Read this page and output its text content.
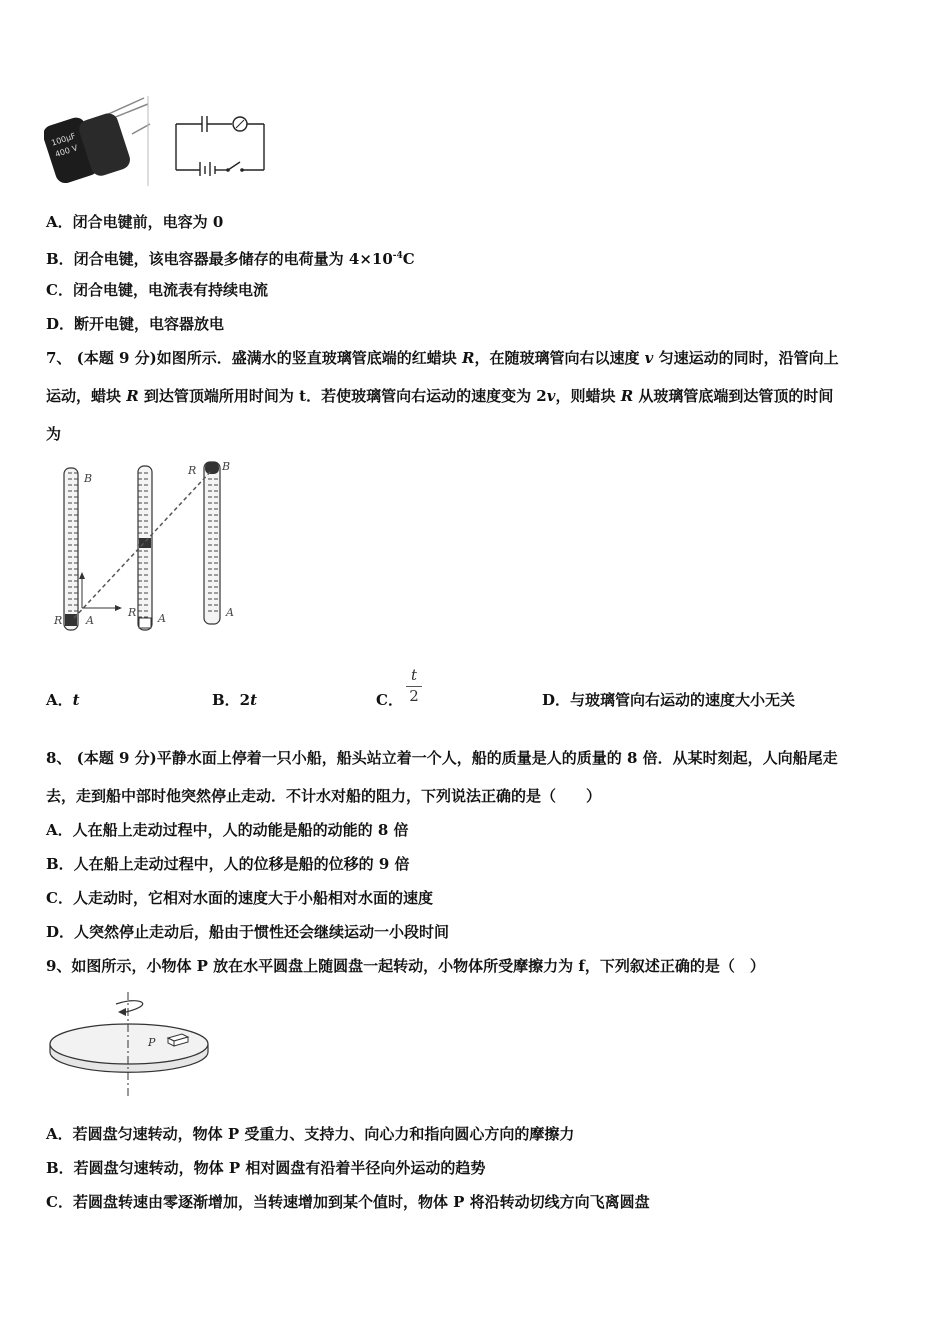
100μF
400 V
A．闭合电键前，电容为 0
B．闭合电键，该电容器最多储存的电荷量为 $4\times 10^{-4}C$
C．闭合电键，电流表有持续电流
D．断开电键，电容器放电
7、 (本题 9 分)如图所示．盛满水的竖直玻璃管底端的红蜡块 R，在随玻璃管向右以速度 v 匀速运动的同时，沿管向上
运动，蜡块 R 到达管顶端所用时间为 t．若使玻璃管向右运动的速度变为 2v，则蜡块 R 从玻璃管底端到达管顶的时间
为
B
R A
R A
R B
A
A．t	B．2t	C． $\frac{t}{2}$	D．与玻璃管向右运动的速度大小无关
8、 (本题 9 分)平静水面上停着一只小船，船头站立着一个人，船的质量是人的质量的 8 倍．从某时刻起，人向船尾走
去，走到船中部时他突然停止走动．不计水对船的阻力，下列说法正确的是（　　）
A．人在船上走动过程中，人的动能是船的动能的 8 倍
B．人在船上走动过程中，人的位移是船的位移的 9 倍
C．人走动时，它相对水面的速度大于小船相对水面的速度
D．人突然停止走动后，船由于惯性还会继续运动一小段时间
9、如图所示，小物体 P 放在水平圆盘上随圆盘一起转动，小物体所受摩擦力为 f，下列叙述正确的是（　）
P
A．若圆盘匀速转动，物体 P 受重力、支持力、向心力和指向圆心方向的摩擦力
B．若圆盘匀速转动，物体 P 相对圆盘有沿着半径向外运动的趋势
C．若圆盘转速由零逐渐增加，当转速增加到某个值时，物体 P 将沿转动切线方向飞离圆盘
